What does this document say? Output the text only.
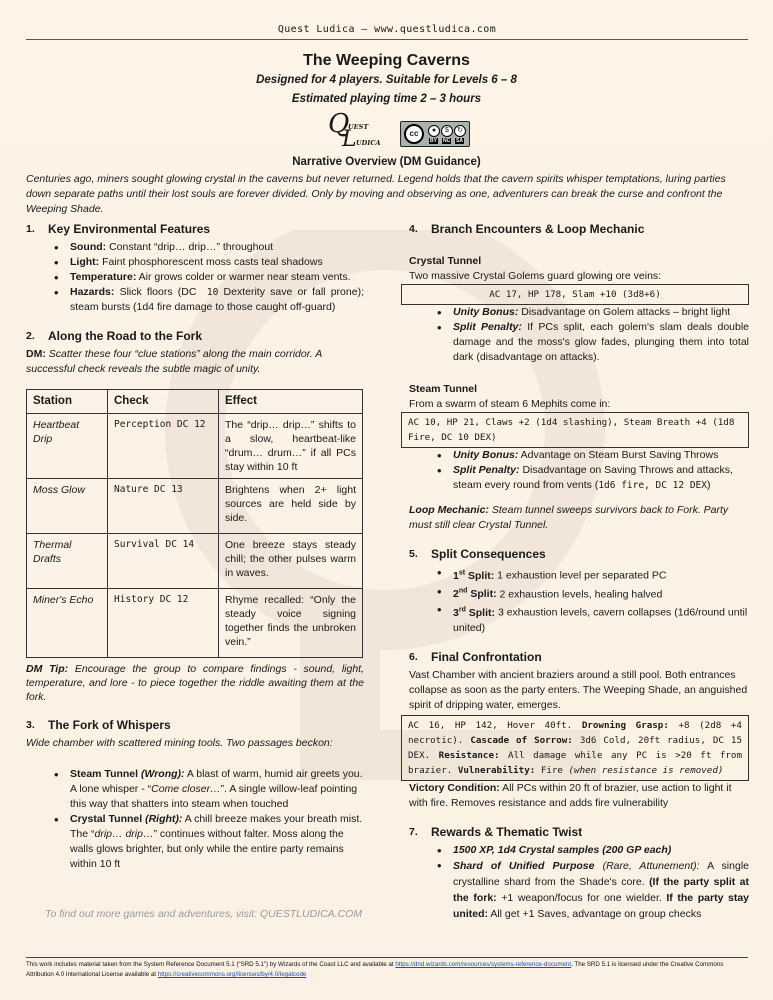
Quest Ludica – www.questludica.com
The Weeping Caverns
Designed for 4 players. Suitable for Levels 6 – 8
Estimated playing time 2 – 3 hours
Q
L
UEST
UDICA
cc	●	$	↻
BY NC SA
Narrative Overview (DM Guidance)
Centuries ago, miners sought glowing crystal in the caverns but never returned. Legend holds that the cavern spirits whisper temptations, luring parties down separate paths until their lost souls are forever divided. Only by moving and observing as one, adventurers can break the curse and confront the Weeping Shade.
1.	Key Environmental Features
• Sound: Constant “drip… drip…” throughout
• Light: Faint phosphorescent moss casts teal shadows
• Temperature: Air grows colder or warmer near steam vents.
• Hazards: Slick floors (DC 10 Dexterity save or fall prone); steam bursts (1d4 fire damage to those caught off-guard)
2.	Along the Road to the Fork
DM: Scatter these four “clue stations” along the main corridor. A successful check reveals the subtle magic of unity.
Station	Check	Effect
Heartbeat Drip	Perception DC 12	The “drip… drip…” shifts to a slow, heartbeat-like “drum… drum…” if all PCs stay within 10 ft
Moss Glow	Nature DC 13	Brightens when 2+ light sources are held side by side.
Thermal Drafts	Survival DC 14	One breeze stays steady chill; the other pulses warm in waves.
Miner's Echo	History DC 12	Rhyme recalled: “Only the steady voice signing together finds the unbroken vein.”
DM Tip: Encourage the group to compare findings - sound, light, temperature, and lore - to piece together the riddle awaiting them at the fork.
3.	The Fork of Whispers
Wide chamber with scattered mining tools. Two passages beckon:
• Steam Tunnel (Wrong): A blast of warm, humid air greets you. A lone whisper - “Come closer…”. A single willow-leaf pointing this way that shatters into steam when touched
• Crystal Tunnel (Right): A chill breeze makes your breath mist. The “drip… drip…” continues without falter. Moss along the walls glows brighter, but only while the entire party remains within 10 ft
4.	Branch Encounters & Loop Mechanic
Crystal Tunnel
Two massive Crystal Golems guard glowing ore veins:
AC 17, HP 178, Slam +10 (3d8+6)
• Unity Bonus: Disadvantage on Golem attacks – bright light
• Split Penalty: If PCs split, each golem's slam deals double damage and the moss's glow fades, plunging them into total dark (disadvantage on attacks).
Steam Tunnel
From a swarm of steam 6 Mephits come in:
AC 10, HP 21, Claws +2 (1d4 slashing), Steam Breath +4 (1d8 Fire, DC 10 DEX)
• Unity Bonus: Advantage on Steam Burst Saving Throws
• Split Penalty: Disadvantage on Saving Throws and attacks, steam every round from vents (1d6 fire, DC 12 DEX)
Loop Mechanic: Steam tunnel sweeps survivors back to Fork. Party must still clear Crystal Tunnel.
5.	Split Consequences
• 1st Split: 1 exhaustion level per separated PC
• 2nd Split: 2 exhaustion levels, healing halved
• 3rd Split: 3 exhaustion levels, cavern collapses (1d6/round until united)
6.	Final Confrontation
Vast Chamber with ancient braziers around a still pool. Both entrances collapse as soon as the party enters. The Weeping Shade, an anguished spirit of dripping water, emerges.
AC 16, HP 142, Hover 40ft. Drowning Grasp: +8 (2d8 +4 necrotic). Cascade of Sorrow: 3d6 Cold, 20ft radius, DC 15 DEX. Resistance: All damage while any PC is >20 ft from brazier. Vulnerability: Fire (when resistance is removed)
Victory Condition: All PCs within 20 ft of brazier, use action to light it with fire. Removes resistance and adds fire vulnerability
7.	Rewards & Thematic Twist
• 1500 XP, 1d4 Crystal samples (200 GP each)
• Shard of Unified Purpose (Rare, Attunement): A single crystalline shard from the Shade's core. (If the party split at the fork: +1 weapon/focus for one wielder. If the party stay united: All get +1 Saves, advantage on group checks
To find out more games and adventures, visit: QUESTLUDICA.COM
This work includes material taken from the System Reference Document 5.1 (“SRD 5.1”) by Wizards of the Coast LLC and available at https://dnd.wizards.com/resources/systems-reference-document. The SRD 5.1 is licensed under the Creative Commons Attribution 4.0 International License available at https://creativecommons.org/licenses/by/4.0/legalcode
